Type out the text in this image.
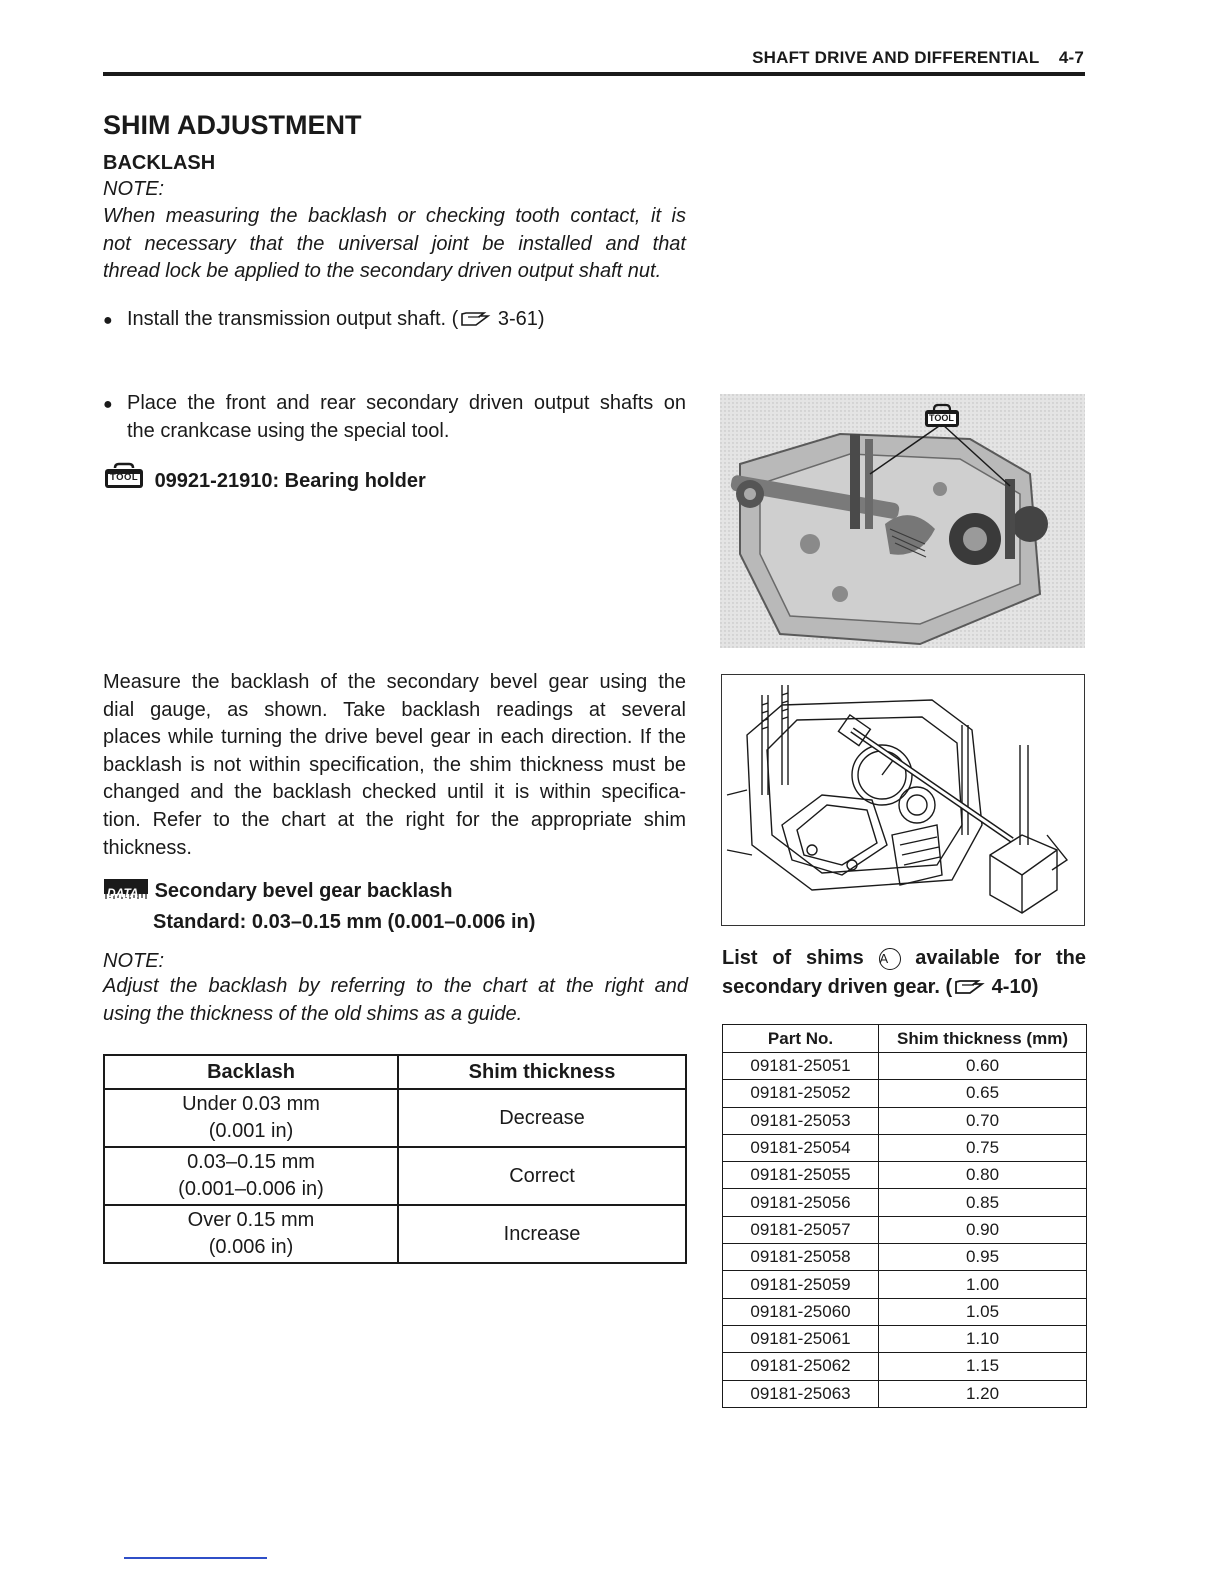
SHAFT DRIVE AND DIFFERENTIAL 4-7
SHIM ADJUSTMENT
BACKLASH
NOTE:
When measuring the backlash or checking tooth contact, it is
not necessary that the universal joint be installed and that
thread lock be applied to the secondary driven output shaft nut.
● Install the transmission output shaft. ( 3-61)
● Place the front and rear secondary driven output shafts on
the crankcase using the special tool.

TOOL 09921-21910: Bearing holder
Measure the backlash of the secondary bevel gear using the
dial gauge, as shown. Take backlash readings at several
places while turning the drive bevel gear in each direction. If the
backlash is not within specification, the shim thickness must be
changed and the backlash checked until it is within specifica-
tion. Refer to the chart at the right for the appropriate shim
thickness.
DATA Secondary bevel gear backlash
Standard: 0.03–0.15 mm (0.001–0.006 in)
NOTE:
Adjust the backlash by referring to the chart at the right and
using the thickness of the old shims as a guide.
Backlash	Shim thickness

Under 0.03 mm
(0.001 in)	Decrease

0.03–0.15 mm
(0.001–0.006 in)	Correct

Over 0.15 mm
(0.006 in)	Increase
TOOL
List of shims A available for the
secondary driven gear. ( 4-10)
Part No.	Shim thickness (mm)
09181-25051	0.60
09181-25052	0.65
09181-25053	0.70
09181-25054	0.75
09181-25055	0.80
09181-25056	0.85
09181-25057	0.90
09181-25058	0.95
09181-25059	1.00
09181-25060	1.05
09181-25061	1.10
09181-25062	1.15
09181-25063	1.20
